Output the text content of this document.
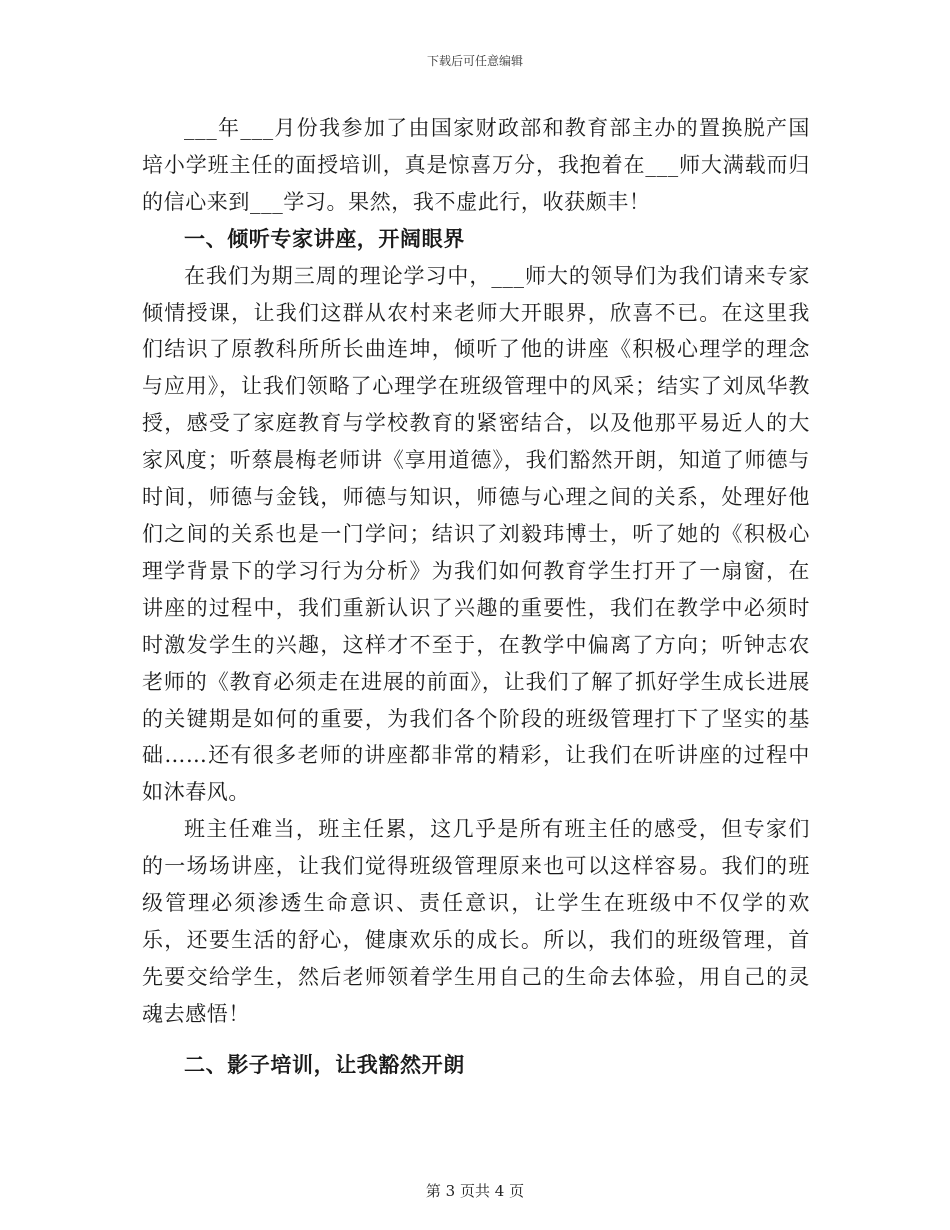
下载后可任意编辑

___年___月份我参加了由国家财政部和教育部主办的置换脱产国培小学班主任的面授培训，真是惊喜万分，我抱着在___师大满载而归的信心来到___学习。果然，我不虚此行，收获颇丰！

一、倾听专家讲座，开阔眼界

在我们为期三周的理论学习中，___师大的领导们为我们请来专家倾情授课，让我们这群从农村来老师大开眼界，欣喜不已。在这里我们结识了原教科所所长曲连坤，倾听了他的讲座《积极心理学的理念与应用》，让我们领略了心理学在班级管理中的风采；结实了刘凤华教授，感受了家庭教育与学校教育的紧密结合，以及他那平易近人的大家风度；听蔡晨梅老师讲《享用道德》，我们豁然开朗，知道了师德与时间，师德与金钱，师德与知识，师德与心理之间的关系，处理好他们之间的关系也是一门学问；结识了刘毅玮博士，听了她的《积极心理学背景下的学习行为分析》为我们如何教育学生打开了一扇窗，在讲座的过程中，我们重新认识了兴趣的重要性，我们在教学中必须时时激发学生的兴趣，这样才不至于，在教学中偏离了方向；听钟志农老师的《教育必须走在进展的前面》，让我们了解了抓好学生成长进展的关键期是如何的重要，为我们各个阶段的班级管理打下了坚实的基础……还有很多老师的讲座都非常的精彩，让我们在听讲座的过程中如沐春风。

班主任难当，班主任累，这几乎是所有班主任的感受，但专家们的一场场讲座，让我们觉得班级管理原来也可以这样容易。我们的班级管理必须渗透生命意识、责任意识，让学生在班级中不仅学的欢乐，还要生活的舒心，健康欢乐的成长。所以，我们的班级管理，首先要交给学生，然后老师领着学生用自己的生命去体验，用自己的灵魂去感悟！

二、影子培训，让我豁然开朗

第 3 页共 4 页
